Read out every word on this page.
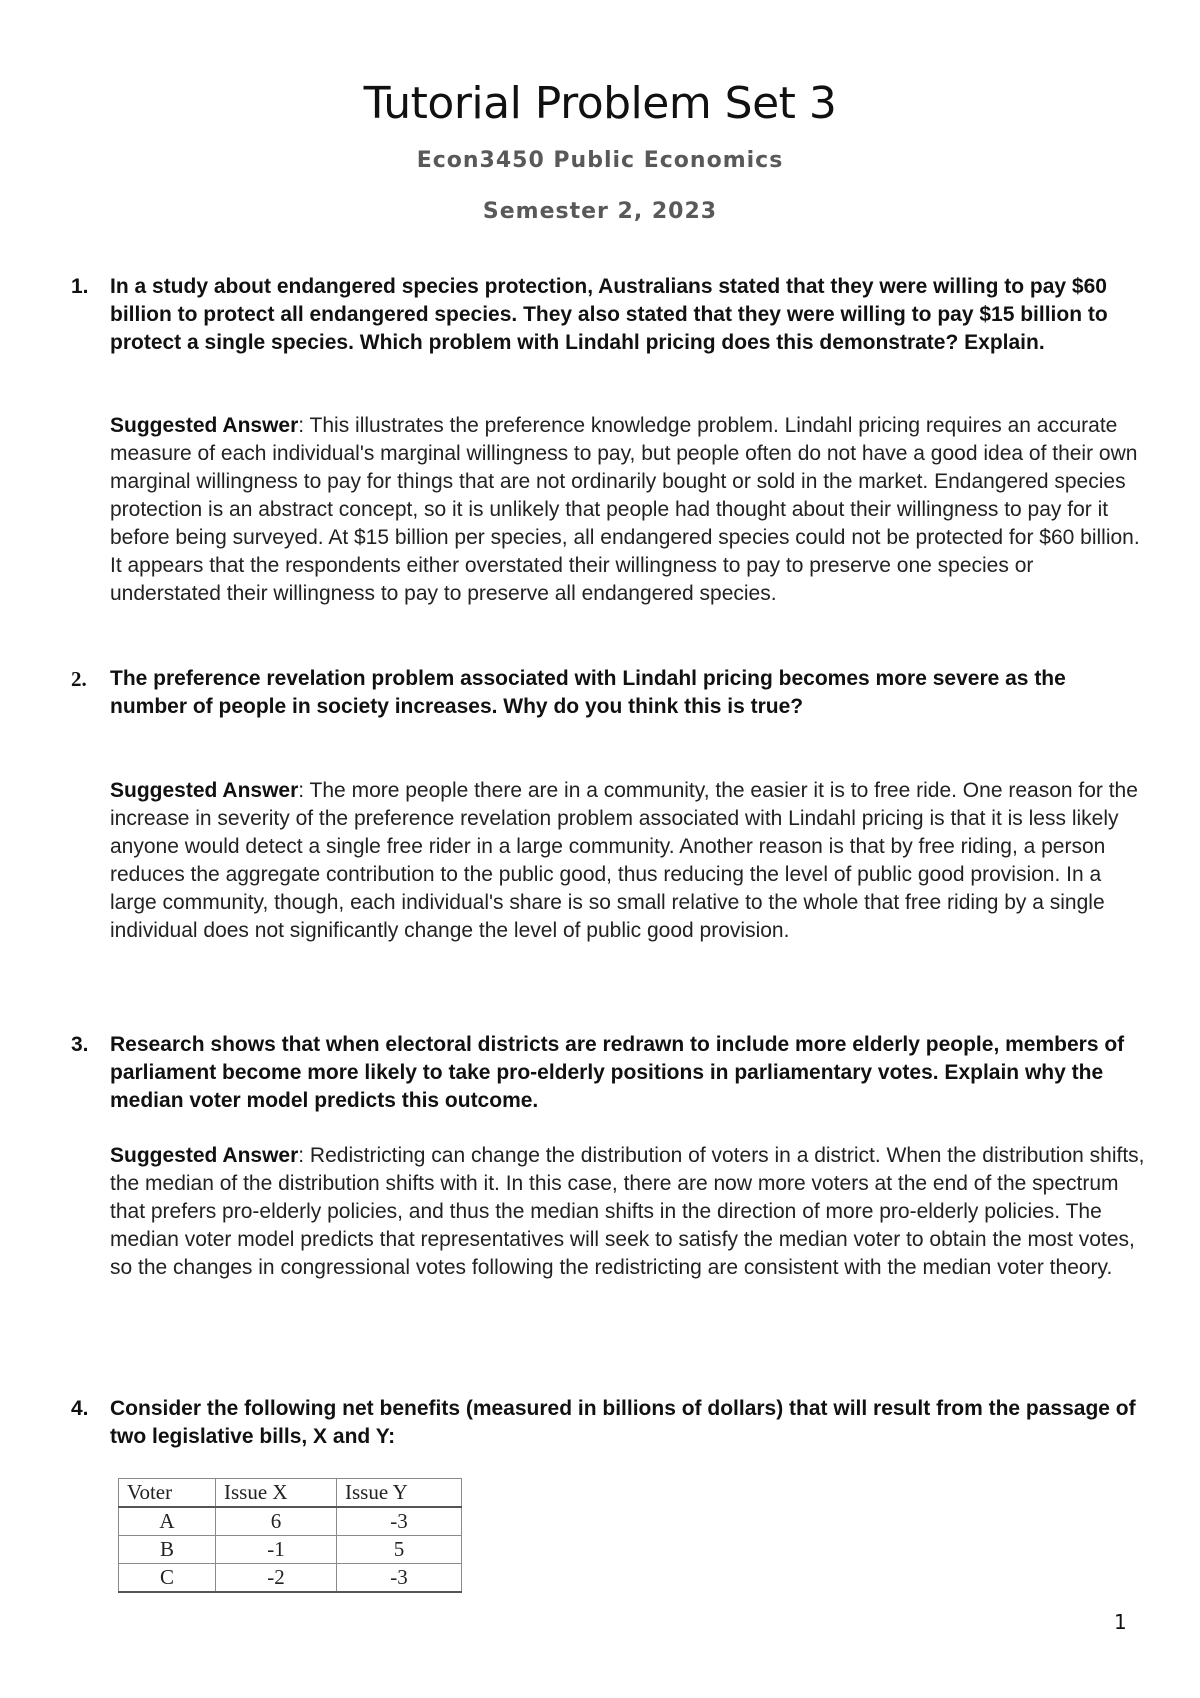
Tutorial Problem Set 3
Econ3450 Public Economics
Semester 2, 2023
1. In a study about endangered species protection, Australians stated that they were willing to pay $60 billion to protect all endangered species. They also stated that they were willing to pay $15 billion to protect a single species. Which problem with Lindahl pricing does this demonstrate? Explain.
Suggested Answer: This illustrates the preference knowledge problem. Lindahl pricing requires an accurate measure of each individual's marginal willingness to pay, but people often do not have a good idea of their own marginal willingness to pay for things that are not ordinarily bought or sold in the market. Endangered species protection is an abstract concept, so it is unlikely that people had thought about their willingness to pay for it before being surveyed. At $15 billion per species, all endangered species could not be protected for $60 billion. It appears that the respondents either overstated their willingness to pay to preserve one species or understated their willingness to pay to preserve all endangered species.
2. The preference revelation problem associated with Lindahl pricing becomes more severe as the number of people in society increases. Why do you think this is true?
Suggested Answer: The more people there are in a community, the easier it is to free ride. One reason for the increase in severity of the preference revelation problem associated with Lindahl pricing is that it is less likely anyone would detect a single free rider in a large community. Another reason is that by free riding, a person reduces the aggregate contribution to the public good, thus reducing the level of public good provision. In a large community, though, each individual's share is so small relative to the whole that free riding by a single individual does not significantly change the level of public good provision.
3. Research shows that when electoral districts are redrawn to include more elderly people, members of parliament become more likely to take pro-elderly positions in parliamentary votes. Explain why the median voter model predicts this outcome.
Suggested Answer: Redistricting can change the distribution of voters in a district. When the distribution shifts, the median of the distribution shifts with it. In this case, there are now more voters at the end of the spectrum that prefers pro-elderly policies, and thus the median shifts in the direction of more pro-elderly policies. The median voter model predicts that representatives will seek to satisfy the median voter to obtain the most votes, so the changes in congressional votes following the redistricting are consistent with the median voter theory.
4. Consider the following net benefits (measured in billions of dollars) that will result from the passage of two legislative bills, X and Y:
Voter	Issue X	Issue Y
A	6	-3
B	-1	5
C	-2	-3
1
